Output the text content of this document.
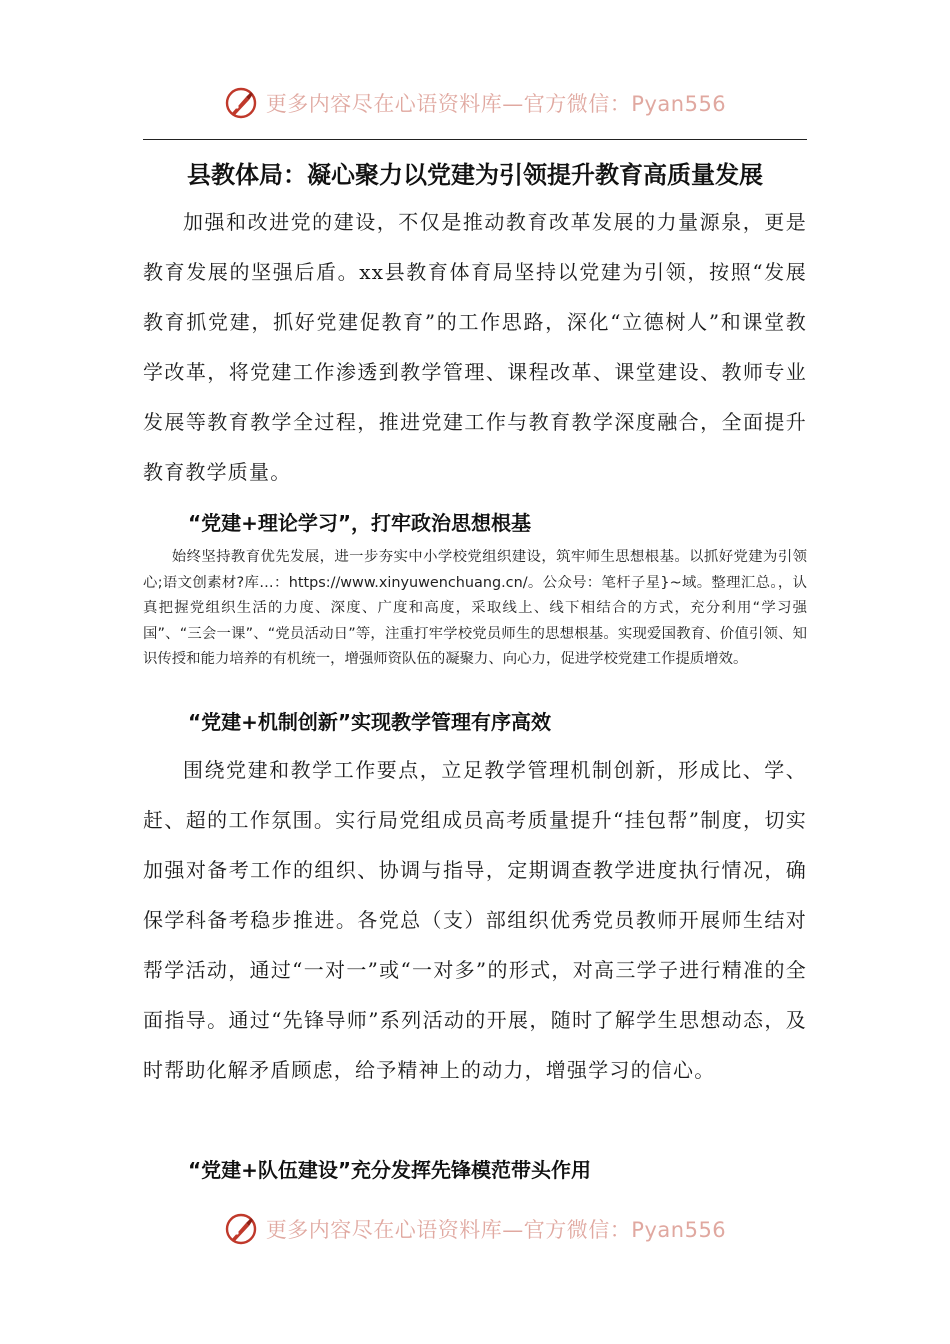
更多内容尽在心语资料库—官方微信：Pyan556
县教体局：凝心聚力以党建为引领提升教育高质量发展

加强和改进党的建设，不仅是推动教育改革发展的力量源泉，更是教育发展的坚强后盾。xx县教育体育局坚持以党建为引领，按照“发展教育抓党建，抓好党建促教育”的工作思路，深化“立德树人”和课堂教学改革，将党建工作渗透到教学管理、课程改革、课堂建设、教师专业发展等教育教学全过程，推进党建工作与教育教学深度融合，全面提升教育教学质量。

“党建+理论学习”，打牢政治思想根基

始终坚持教育优先发展，进一步夯实中小学校党组织建设，筑牢师生思想根基。以抓好党建为引领心;语文创素材?库…：https://www.xinyuwenchuang.cn/。公众号：笔杆子星}~域。整理汇总。，认真把握党组织生活的力度、深度、广度和高度，采取线上、线下相结合的方式，充分利用“学习强国”、“三会一课”、“党员活动日”等，注重打牢学校党员师生的思想根基。实现爱国教育、价值引领、知识传授和能力培养的有机统一，增强师资队伍的凝聚力、向心力，促进学校党建工作提质增效。

“党建+机制创新”实现教学管理有序高效

围绕党建和教学工作要点，立足教学管理机制创新，形成比、学、赶、超的工作氛围。实行局党组成员高考质量提升“挂包帮”制度，切实加强对备考工作的组织、协调与指导，定期调查教学进度执行情况，确保学科备考稳步推进。各党总（支）部组织优秀党员教师开展师生结对帮学活动，通过“一对一”或“一对多”的形式，对高三学子进行精准的全面指导。通过“先锋导师”系列活动的开展，随时了解学生思想动态，及时帮助化解矛盾顾虑，给予精神上的动力，增强学习的信心。

“党建+队伍建设”充分发挥先锋模范带头作用
更多内容尽在心语资料库—官方微信：Pyan556
